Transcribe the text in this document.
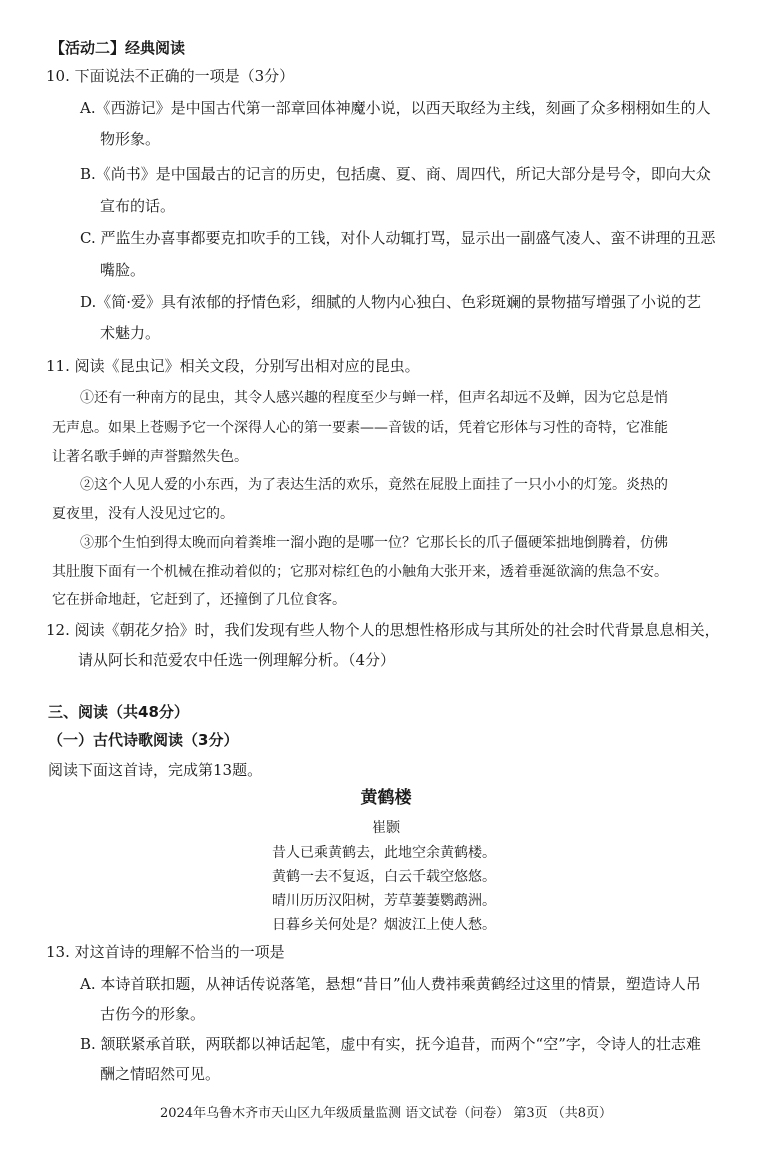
【活动二】经典阅读
10. 下面说法不正确的一项是（3分）
A.《西游记》是中国古代第一部章回体神魔小说，以西天取经为主线，刻画了众多栩栩如生的人
物形象。
B.《尚书》是中国最古的记言的历史，包括虞、夏、商、周四代，所记大部分是号令，即向大众
宣布的话。
C. 严监生办喜事都要克扣吹手的工钱，对仆人动辄打骂，显示出一副盛气凌人、蛮不讲理的丑恶
嘴脸。
D.《简·爱》具有浓郁的抒情色彩，细腻的人物内心独白、色彩斑斓的景物描写增强了小说的艺
术魅力。
11. 阅读《昆虫记》相关文段，分别写出相对应的昆虫。
①还有一种南方的昆虫，其令人感兴趣的程度至少与蝉一样，但声名却远不及蝉，因为它总是悄
无声息。如果上苍赐予它一个深得人心的第一要素——音钹的话，凭着它形体与习性的奇特，它准能
让著名歌手蝉的声誉黯然失色。
②这个人见人爱的小东西，为了表达生活的欢乐，竟然在屁股上面挂了一只小小的灯笼。炎热的
夏夜里，没有人没见过它的。
③那个生怕到得太晚而向着粪堆一溜小跑的是哪一位？它那长长的爪子僵硬笨拙地倒腾着，仿佛
其肚腹下面有一个机械在推动着似的；它那对棕红色的小触角大张开来，透着垂涎欲滴的焦急不安。
它在拼命地赶，它赶到了，还撞倒了几位食客。
12. 阅读《朝花夕拾》时，我们发现有些人物个人的思想性格形成与其所处的社会时代背景息息相关，
请从阿长和范爱农中任选一例理解分析。（4分）
三、阅读（共48分）
（一）古代诗歌阅读（3分）
阅读下面这首诗，完成第13题。
黄鹤楼
崔颢
昔人已乘黄鹤去，此地空余黄鹤楼。
黄鹤一去不复返，白云千载空悠悠。
晴川历历汉阳树，芳草萋萋鹦鹉洲。
日暮乡关何处是？烟波江上使人愁。
13. 对这首诗的理解不恰当的一项是
A. 本诗首联扣题，从神话传说落笔，悬想“昔日”仙人费祎乘黄鹤经过这里的情景，塑造诗人吊
古伤今的形象。
B. 颔联紧承首联，两联都以神话起笔，虚中有实，抚今追昔，而两个“空”字，令诗人的壮志难
酬之情昭然可见。
2024年乌鲁木齐市天山区九年级质量监测 语文试卷（问卷） 第3页 （共8页）
